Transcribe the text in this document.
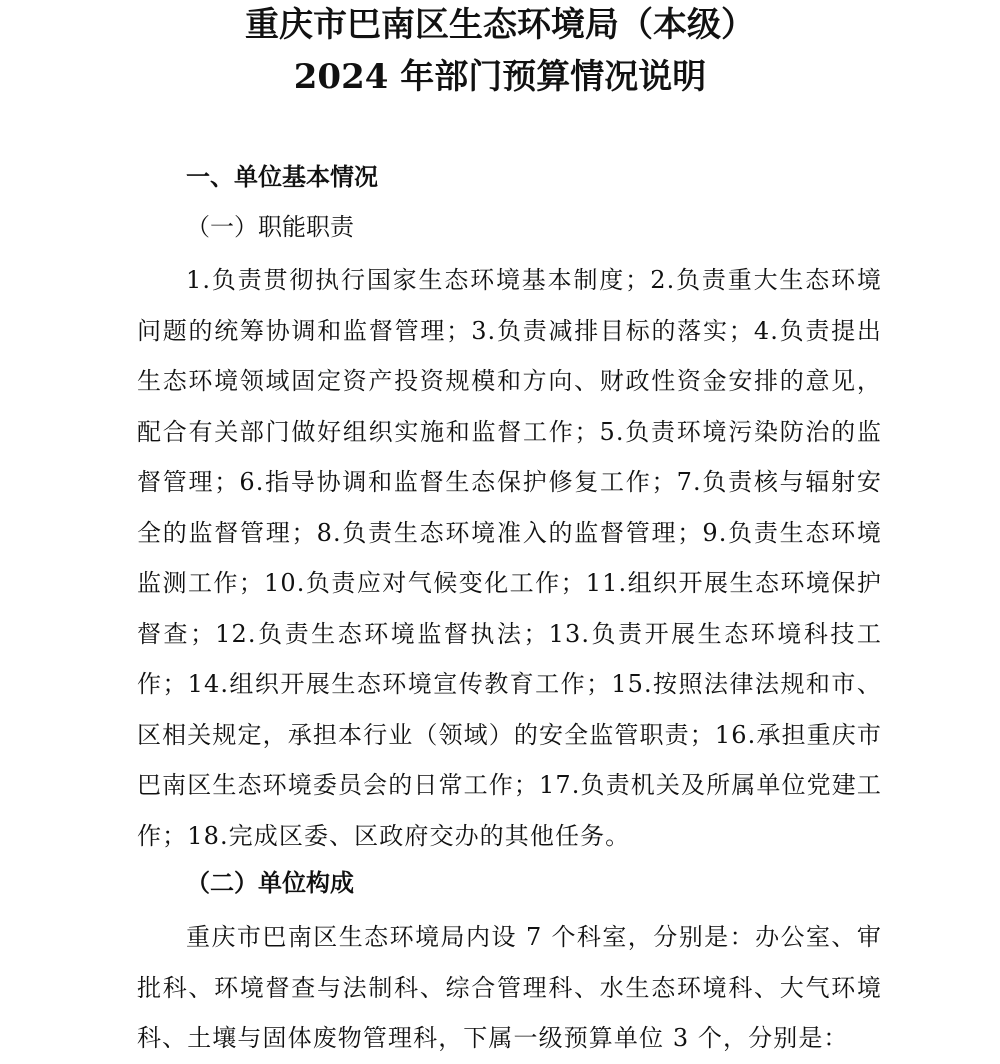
重庆市巴南区生态环境局（本级）
2024 年部门预算情况说明
一、单位基本情况
（一）职能职责

1.负责贯彻执行国家生态环境基本制度；2.负责重大生态环境问题的统筹协调和监督管理；3.负责减排目标的落实；4.负责提出生态环境领域固定资产投资规模和方向、财政性资金安排的意见，配合有关部门做好组织实施和监督工作；5.负责环境污染防治的监督管理；6.指导协调和监督生态保护修复工作；7.负责核与辐射安全的监督管理；8.负责生态环境准入的监督管理；9.负责生态环境监测工作；10.负责应对气候变化工作；11.组织开展生态环境保护督查；12.负责生态环境监督执法；13.负责开展生态环境科技工作；14.组织开展生态环境宣传教育工作；15.按照法律法规和市、区相关规定，承担本行业（领域）的安全监管职责；16.承担重庆市巴南区生态环境委员会的日常工作；17.负责机关及所属单位党建工作；18.完成区委、区政府交办的其他任务。

（二）单位构成

重庆市巴南区生态环境局内设 7 个科室，分别是：办公室、审批科、环境督查与法制科、综合管理科、水生态环境科、大气环境科、土壤与固体废物管理科，下属一级预算单位 3 个，分别是：
